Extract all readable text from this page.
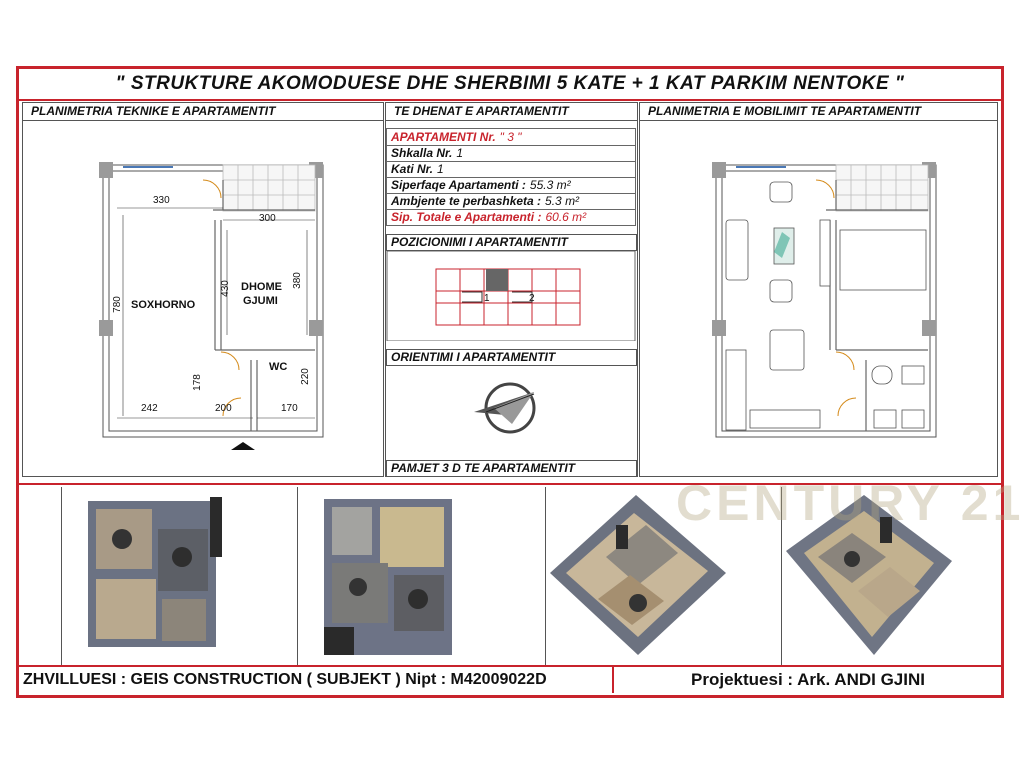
" STRUKTURE AKOMODUESE DHE SHERBIMI 5 KATE + 1 KAT PARKIM NENTOKE "
PLANIMETRIA TEKNIKE E APARTAMENTIT
SOXHORNO
DHOME
GJUMI
WC
330
300
780
430	380
242
178
200	170
220
TE DHENAT E APARTAMENTIT
APARTAMENTI Nr. " 3 "
Shkalla Nr. 1
Kati Nr. 1
Siperfaqe Apartamenti : 55.3 m²
Ambjente te perbashketa : 5.3 m²
Sip. Totale e Apartamenti : 60.6 m²
POZICIONIMI I APARTAMENTIT
1	2
ORIENTIMI I APARTAMENTIT
PAMJET 3 D TE APARTAMENTIT
PLANIMETRIA E MOBILIMIT TE APARTAMENTIT
ZHVILLUESI : GEIS CONSTRUCTION ( SUBJEKT ) Nipt : M42009022D	Projektuesi : Ark. ANDI GJINI
CENTURY 21
